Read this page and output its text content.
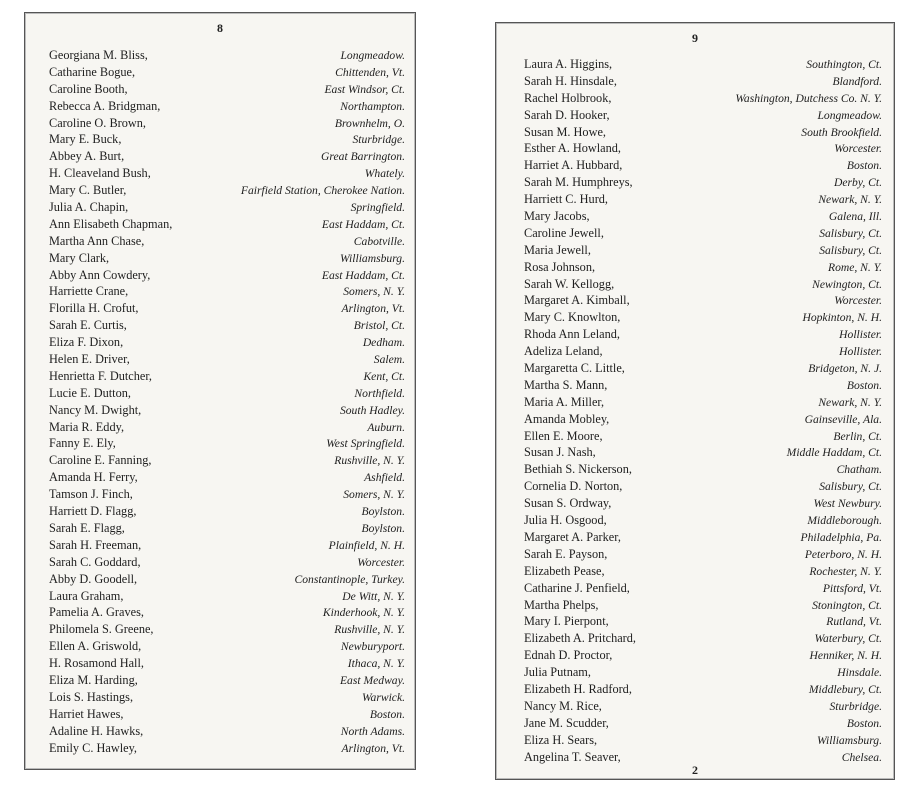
8
Georgiana M. Bliss,	Longmeadow.
Catharine Bogue,	Chittenden, Vt.
Caroline Booth,	East Windsor, Ct.
Rebecca A. Bridgman,	Northampton.
Caroline O. Brown,	Brownhelm, O.
Mary E. Buck,	Sturbridge.
Abbey A. Burt,	Great Barrington.
H. Cleaveland Bush,	Whately.
Mary C. Butler,	Fairfield Station, Cherokee Nation.
Julia A. Chapin,	Springfield.
Ann Elisabeth Chapman,	East Haddam, Ct.
Martha Ann Chase,	Cabotville.
Mary Clark,	Williamsburg.
Abby Ann Cowdery,	East Haddam, Ct.
Harriette Crane,	Somers, N. Y.
Florilla H. Crofut,	Arlington, Vt.
Sarah E. Curtis,	Bristol, Ct.
Eliza F. Dixon,	Dedham.
Helen E. Driver,	Salem.
Henrietta F. Dutcher,	Kent, Ct.
Lucie E. Dutton,	Northfield.
Nancy M. Dwight,	South Hadley.
Maria R. Eddy,	Auburn.
Fanny E. Ely,	West Springfield.
Caroline E. Fanning,	Rushville, N. Y.
Amanda H. Ferry,	Ashfield.
Tamson J. Finch,	Somers, N. Y.
Harriett D. Flagg,	Boylston.
Sarah E. Flagg,	Boylston.
Sarah H. Freeman,	Plainfield, N. H.
Sarah C. Goddard,	Worcester.
Abby D. Goodell,	Constantinople, Turkey.
Laura Graham,	De Witt, N. Y.
Pamelia A. Graves,	Kinderhook, N. Y.
Philomela S. Greene,	Rushville, N. Y.
Ellen A. Griswold,	Newburyport.
H. Rosamond Hall,	Ithaca, N. Y.
Eliza M. Harding,	East Medway.
Lois S. Hastings,	Warwick.
Harriet Hawes,	Boston.
Adaline H. Hawks,	North Adams.
Emily C. Hawley,	Arlington, Vt.
9
Laura A. Higgins,	Southington, Ct.
Sarah H. Hinsdale,	Blandford.
Rachel Holbrook,	Washington, Dutchess Co. N. Y.
Sarah D. Hooker,	Longmeadow.
Susan M. Howe,	South Brookfield.
Esther A. Howland,	Worcester.
Harriet A. Hubbard,	Boston.
Sarah M. Humphreys,	Derby, Ct.
Harriett C. Hurd,	Newark, N. Y.
Mary Jacobs,	Galena, Ill.
Caroline Jewell,	Salisbury, Ct.
Maria Jewell,	Salisbury, Ct.
Rosa Johnson,	Rome, N. Y.
Sarah W. Kellogg,	Newington, Ct.
Margaret A. Kimball,	Worcester.
Mary C. Knowlton,	Hopkinton, N. H.
Rhoda Ann Leland,	Hollister.
Adeliza Leland,	Hollister.
Margaretta C. Little,	Bridgeton, N. J.
Martha S. Mann,	Boston.
Maria A. Miller,	Newark, N. Y.
Amanda Mobley,	Gainseville, Ala.
Ellen E. Moore,	Berlin, Ct.
Susan J. Nash,	Middle Haddam, Ct.
Bethiah S. Nickerson,	Chatham.
Cornelia D. Norton,	Salisbury, Ct.
Susan S. Ordway,	West Newbury.
Julia H. Osgood,	Middleborough.
Margaret A. Parker,	Philadelphia, Pa.
Sarah E. Payson,	Peterboro, N. H.
Elizabeth Pease,	Rochester, N. Y.
Catharine J. Penfield,	Pittsford, Vt.
Martha Phelps,	Stonington, Ct.
Mary I. Pierpont,	Rutland, Vt.
Elizabeth A. Pritchard,	Waterbury, Ct.
Ednah D. Proctor,	Henniker, N. H.
Julia Putnam,	Hinsdale.
Elizabeth H. Radford,	Middlebury, Ct.
Nancy M. Rice,	Sturbridge.
Jane M. Scudder,	Boston.
Eliza H. Sears,	Williamsburg.
Angelina T. Seaver,	Chelsea.
2
